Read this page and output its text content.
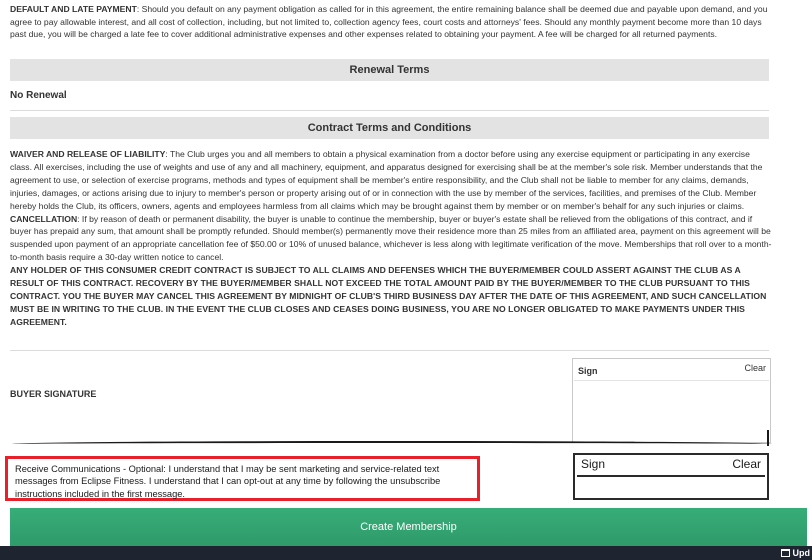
DEFAULT AND LATE PAYMENT: Should you default on any payment obligation as called for in this agreement, the entire remaining balance shall be deemed due and payable upon demand, and you agree to pay allowable interest, and all cost of collection, including, but not limited to, collection agency fees, court costs and attorneys' fees. Should any monthly payment become more than 10 days past due, you will be charged a late fee to cover additional administrative expenses and other expenses related to obtaining your payment. A fee will be charged for all returned payments.

Renewal Terms
No Renewal
Contract Terms and Conditions

WAIVER AND RELEASE OF LIABILITY: The Club urges you and all members to obtain a physical examination from a doctor before using any exercise equipment or participating in any exercise class. All exercises, including the use of weights and use of any and all machinery, equipment, and apparatus designed for exercising shall be at the member's sole risk. Member understands that the agreement to use, or selection of exercise programs, methods and types of equipment shall be member's entire responsibility, and the Club shall not be liable to member for any claims, demands, injuries, damages, or actions arising due to injury to member's person or property arising out of or in connection with the use by member of the services, facilities, and premises of the Club. Member hereby holds the Club, its officers, owners, agents and employees harmless from all claims which may be brought against them by member or on member's behalf for any such injuries or claims.

CANCELLATION: If by reason of death or permanent disability, the buyer is unable to continue the membership, buyer or buyer's estate shall be relieved from the obligations of this contract, and if buyer has prepaid any sum, that amount shall be promptly refunded. Should member(s) permanently move their residence more than 25 miles from an affiliated area, payment on this agreement will be suspended upon payment of an appropriate cancellation fee of $50.00 or 10% of unused balance, whichever is less along with legitimate verification of the move. Memberships that roll over to a month-to-month basis require a 30-day written notice to cancel.

ANY HOLDER OF THIS CONSUMER CREDIT CONTRACT IS SUBJECT TO ALL CLAIMS AND DEFENSES WHICH THE BUYER/MEMBER COULD ASSERT AGAINST THE CLUB AS A RESULT OF THIS CONTRACT. RECOVERY BY THE BUYER/MEMBER SHALL NOT EXCEED THE TOTAL AMOUNT PAID BY THE BUYER/MEMBER TO THE CLUB PURSUANT TO THIS CONTRACT. YOU THE BUYER MAY CANCEL THIS AGREEMENT BY MIDNIGHT OF CLUB'S THIRD BUSINESS DAY AFTER THE DATE OF THIS AGREEMENT, AND SUCH CANCELLATION MUST BE IN WRITING TO THE CLUB. IN THE EVENT THE CLUB CLOSES AND CEASES DOING BUSINESS, YOU ARE NO LONGER OBLIGATED TO MAKE PAYMENTS UNDER THIS AGREEMENT.

BUYER SIGNATURE
Sign	Clear
Receive Communications - Optional: I understand that I may be sent marketing and service-related text messages from Eclipse Fitness. I understand that I can opt-out at any time by following the unsubscribe instructions included in the first message.
Sign	Clear
Create Membership
Upd
